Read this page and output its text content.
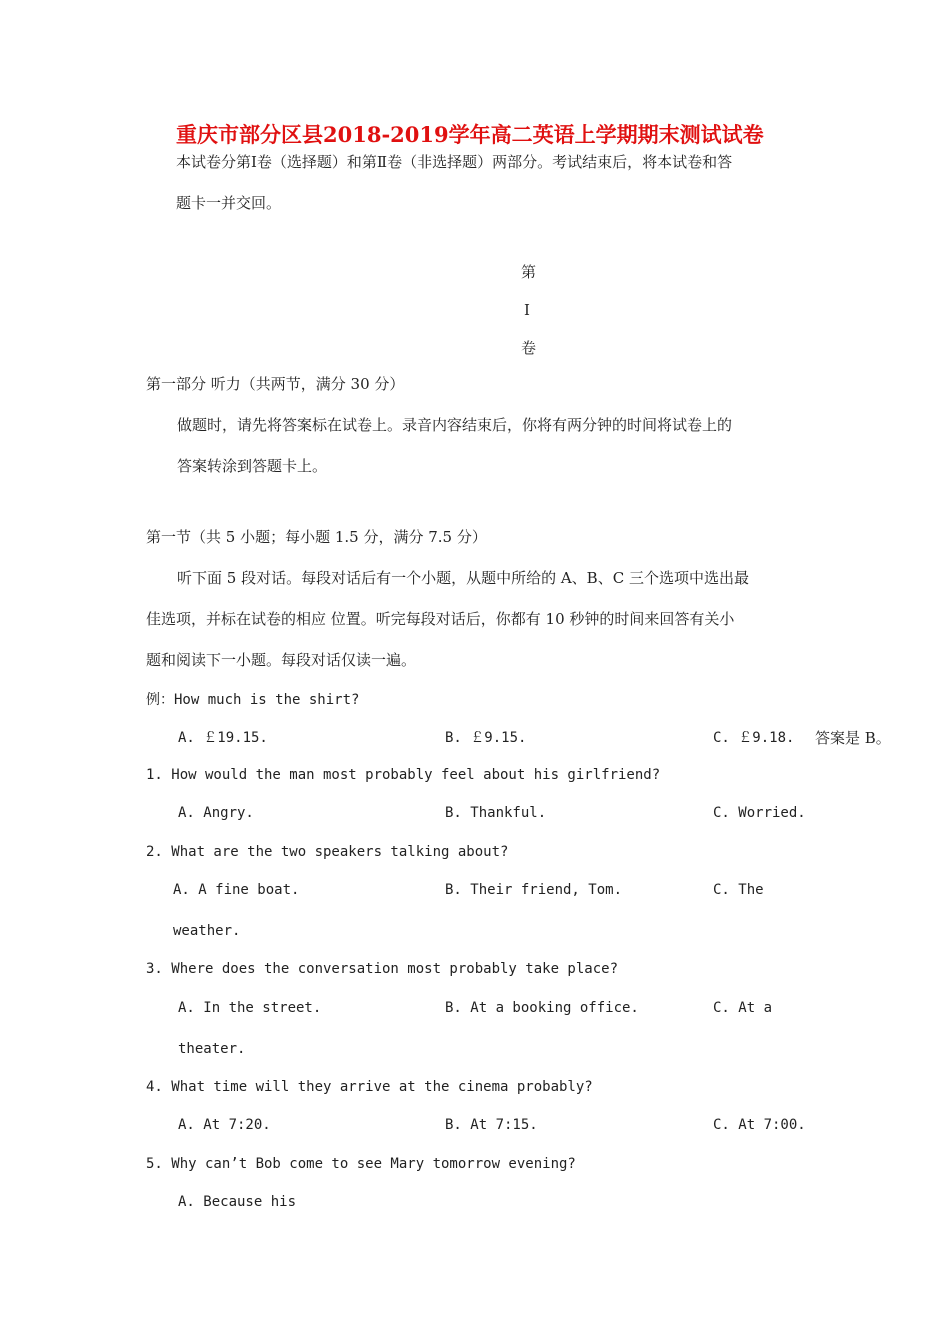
重庆市部分区县2018-2019学年高二英语上学期期末测试试卷
本试卷分第Ⅰ卷（选择题）和第Ⅱ卷（非选择题）两部分。考试结束后，将本试卷和答
题卡一并交回。
第
Ⅰ
卷
第一部分 听力（共两节，满分 30 分）
做题时，请先将答案标在试卷上。录音内容结束后，你将有两分钟的时间将试卷上的
答案转涂到答题卡上。
第一节（共 5 小题；每小题 1.5 分，满分 7.5 分）
听下面 5 段对话。每段对话后有一个小题，从题中所给的 A、B、C 三个选项中选出最
佳选项，并标在试卷的相应 位置。听完每段对话后，你都有 10 秒钟的时间来回答有关小
题和阅读下一小题。每段对话仅读一遍。
例：How much is the shirt?
A. ￡19.15.	B. ￡9.15.	C. ￡9.18. 答案是 B。
1. How would the man most probably feel about his girlfriend?
A. Angry.	B. Thankful.	C. Worried.
2. What are the two speakers talking about?
A. A fine boat.	B. Their friend, Tom.	C. The
weather.
3. Where does the conversation most probably take place?
A. In the street.	B. At a booking office.	C. At a
theater.
4. What time will they arrive at the cinema probably?
A. At 7:20.	B. At 7:15.	C. At 7:00.
5. Why can’t Bob come to see Mary tomorrow evening?
A. Because his
